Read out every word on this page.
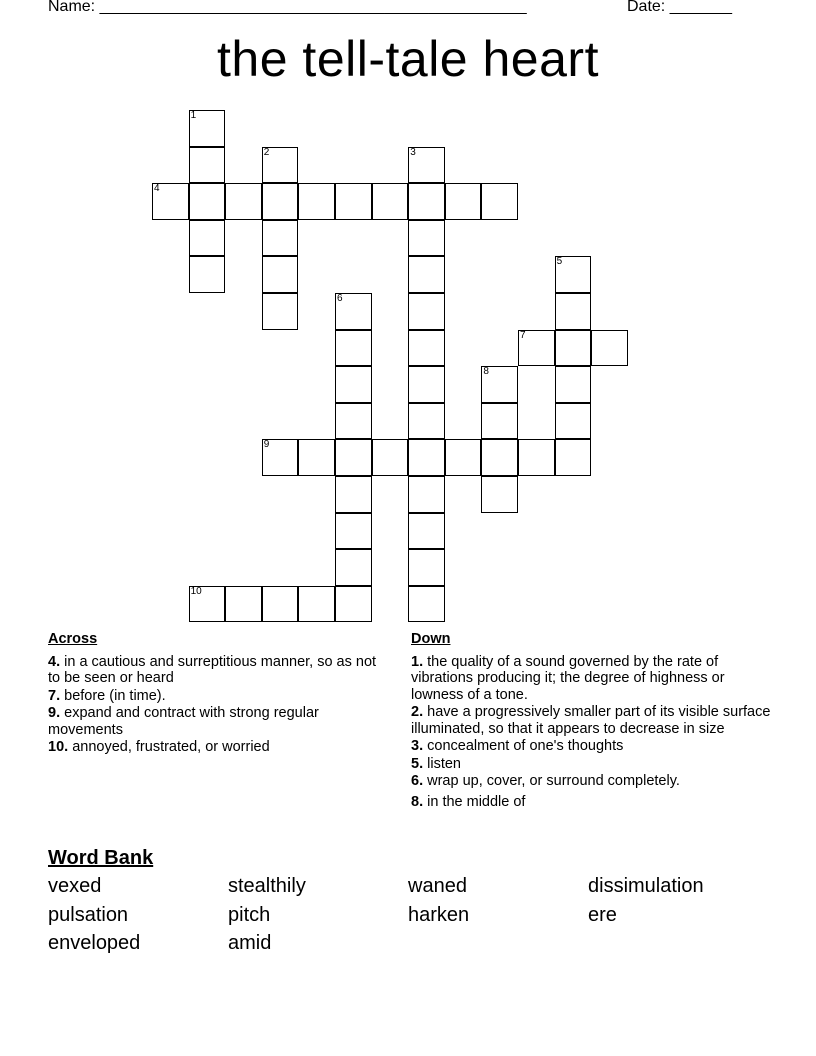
Name: ________________________________________________	Date: _______
the tell-tale heart
4
7
9
10
1
2	3
5
6
8
Across
4. in a cautious and surreptitious manner, so as not to be seen or heard
7. before (in time).
9. expand and contract with strong regular movements
10. annoyed, frustrated, or worried
Down
1. the quality of a sound governed by the rate of vibrations producing it; the degree of highness or lowness of a tone.
2. have a progressively smaller part of its visible surface illuminated, so that it appears to decrease in size
3. concealment of one's thoughts
5. listen
6. wrap up, cover, or surround completely.
8. in the middle of
Word Bank
vexed	stealthily	waned	dissimulation
pulsation	pitch	harken	ere
enveloped	amid
